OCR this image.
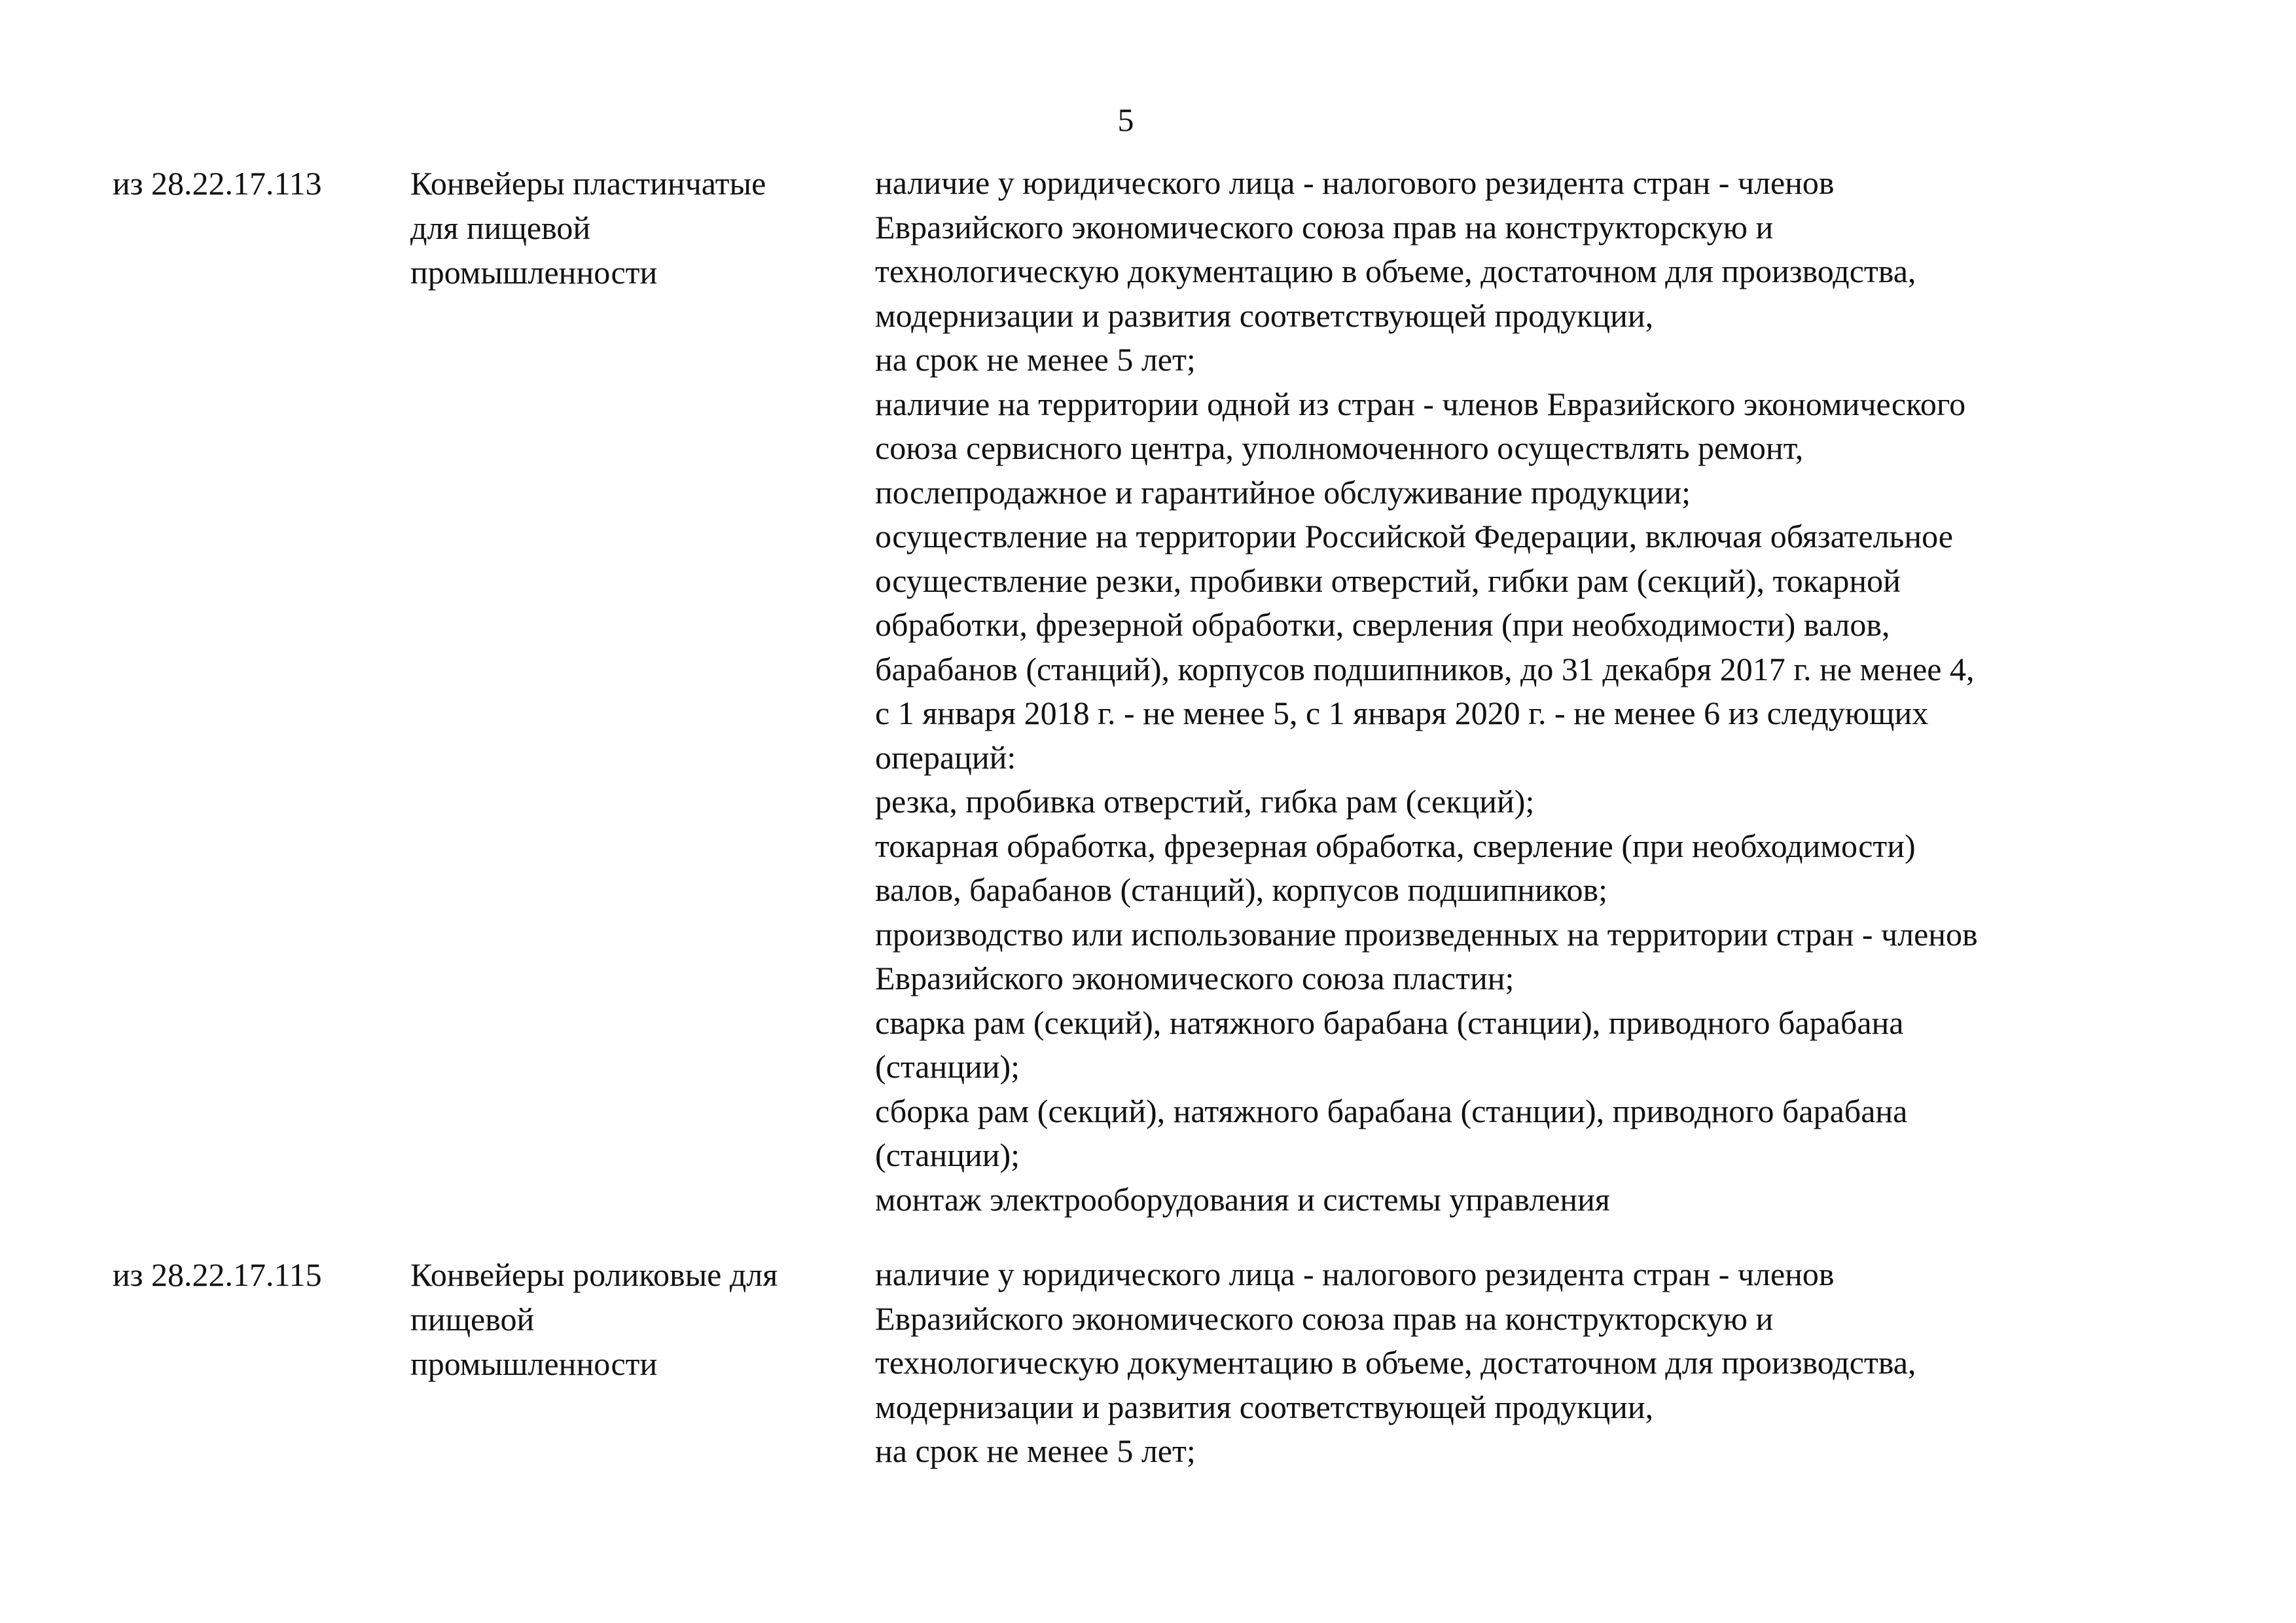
5
из 28.22.17.113	Конвейеры пластинчатые
для пищевой
промышленности
наличие у юридического лица - налогового резидента стран - членов
Евразийского экономического союза прав на конструкторскую и
технологическую документацию в объеме, достаточном для производства,
модернизации и развития соответствующей продукции,
на срок не менее 5 лет;
наличие на территории одной из стран - членов Евразийского экономического
союза сервисного центра, уполномоченного осуществлять ремонт,
послепродажное и гарантийное обслуживание продукции;
осуществление на территории Российской Федерации, включая обязательное
осуществление резки, пробивки отверстий, гибки рам (секций), токарной
обработки, фрезерной обработки, сверления (при необходимости) валов,
барабанов (станций), корпусов подшипников, до 31 декабря 2017 г. не менее 4,
с 1 января 2018 г. - не менее 5, с 1 января 2020 г. - не менее 6 из следующих
операций:
резка, пробивка отверстий, гибка рам (секций);
токарная обработка, фрезерная обработка, сверление (при необходимости)
валов, барабанов (станций), корпусов подшипников;
производство или использование произведенных на территории стран - членов
Евразийского экономического союза пластин;
сварка рам (секций), натяжного барабана (станции), приводного барабана
(станции);
сборка рам (секций), натяжного барабана (станции), приводного барабана
(станции);
монтаж электрооборудования и системы управления
из 28.22.17.115	Конвейеры роликовые для
пищевой
промышленности
наличие у юридического лица - налогового резидента стран - членов
Евразийского экономического союза прав на конструкторскую и
технологическую документацию в объеме, достаточном для производства,
модернизации и развития соответствующей продукции,
на срок не менее 5 лет;
